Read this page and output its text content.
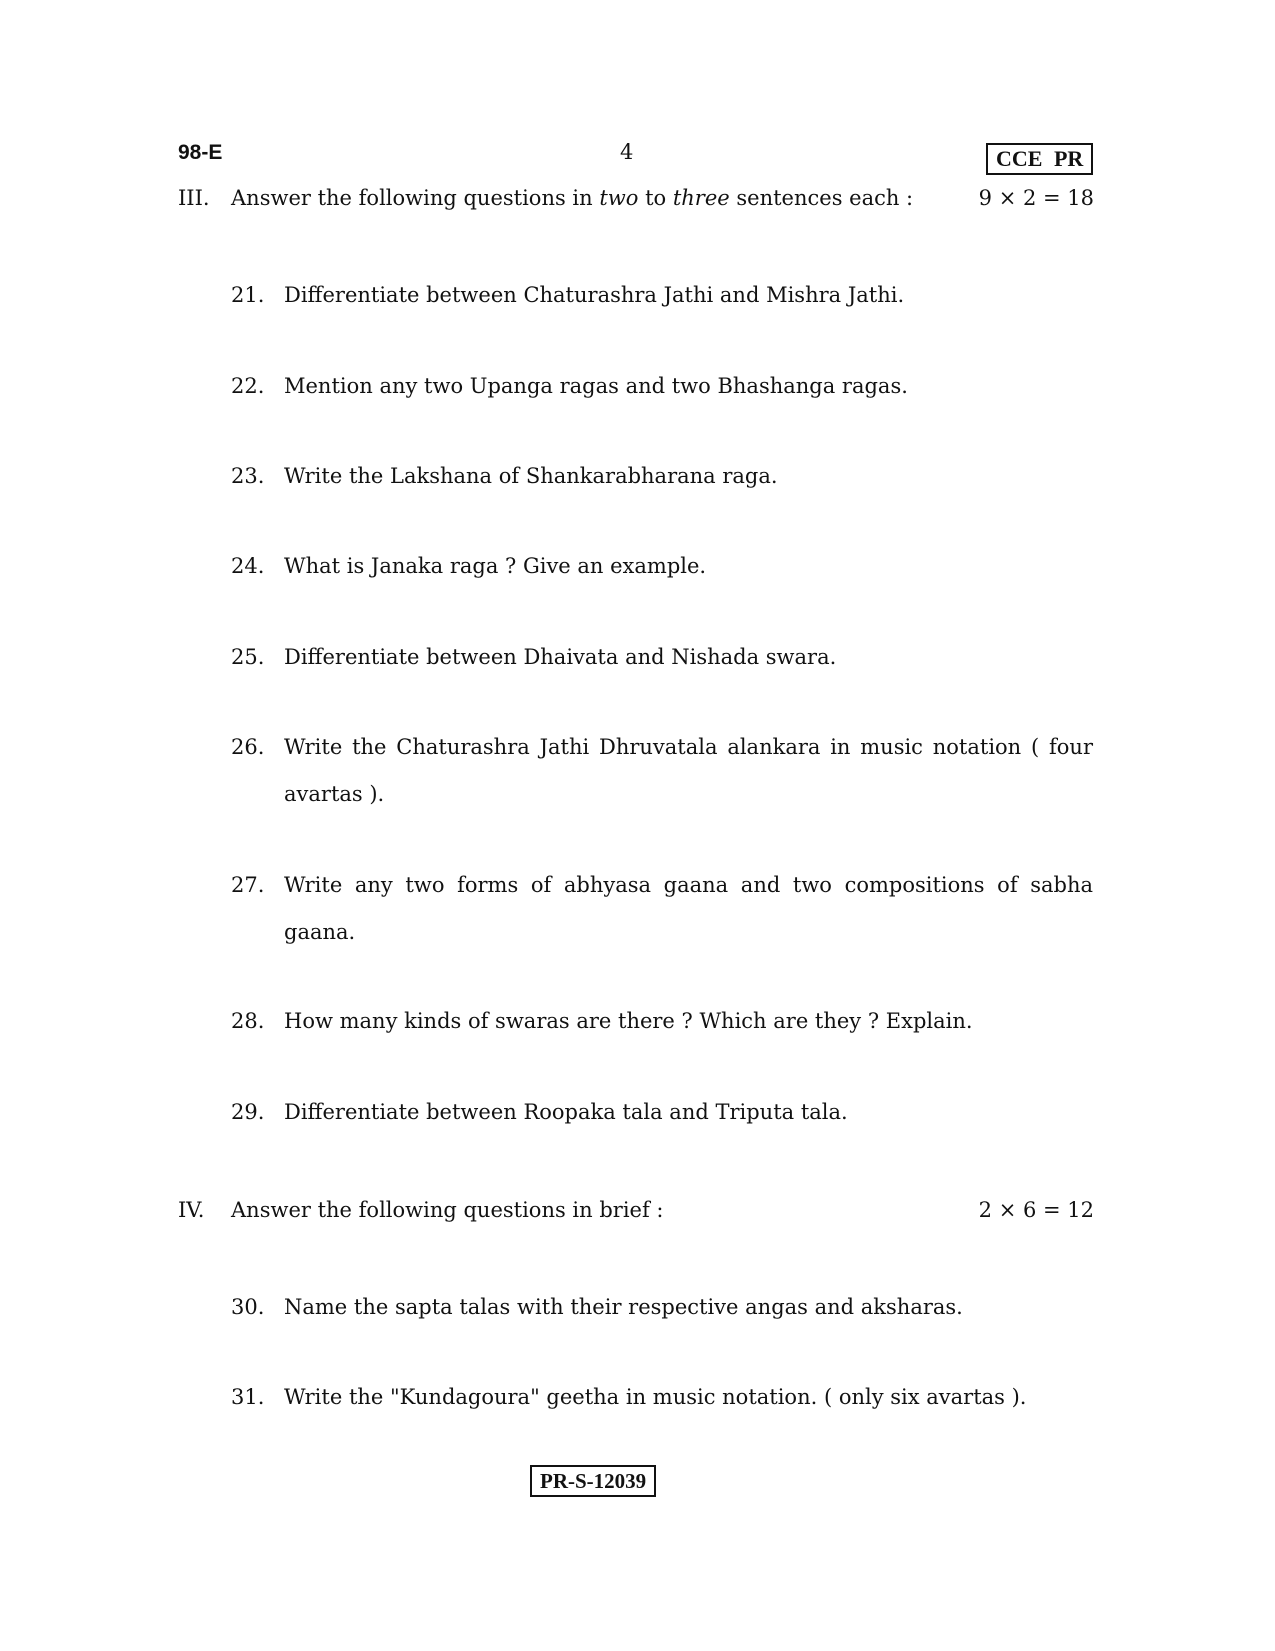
98-E	4	CCE PR
III. Answer the following questions in two to three sentences each :	9 × 2 = 18
21. Differentiate between Chaturashra Jathi and Mishra Jathi.
22. Mention any two Upanga ragas and two Bhashanga ragas.
23. Write the Lakshana of Shankarabharana raga.
24. What is Janaka raga ? Give an example.
25. Differentiate between Dhaivata and Nishada swara.
26. Write the Chaturashra Jathi Dhruvatala alankara in music notation ( four avartas ).
27. Write any two forms of abhyasa gaana and two compositions of sabha gaana.
28. How many kinds of swaras are there ? Which are they ? Explain.
29. Differentiate between Roopaka tala and Triputa tala.
IV. Answer the following questions in brief :	2 × 6 = 12
30. Name the sapta talas with their respective angas and aksharas.
31. Write the "Kundagoura" geetha in music notation. ( only six avartas ).
PR-S-12039
